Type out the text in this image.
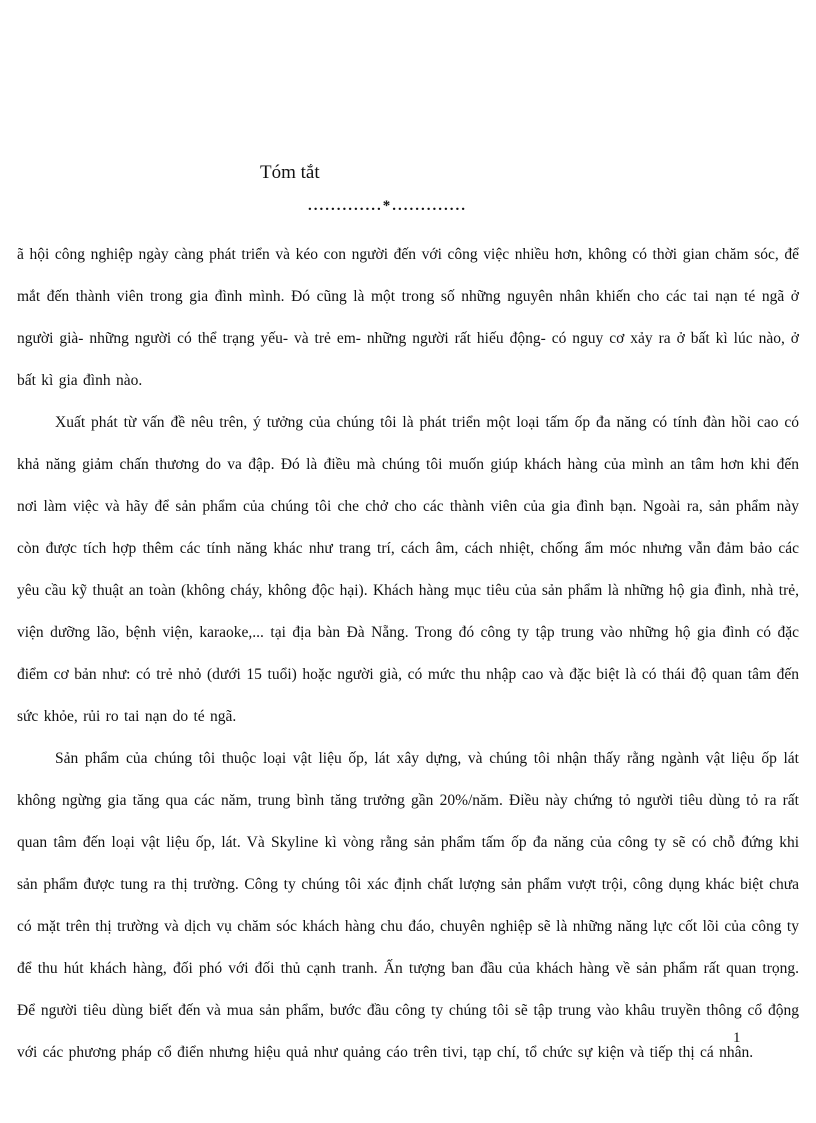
Tóm tắt
.............*.............

ã hội công nghiệp ngày càng phát triển và kéo con người đến với công việc nhiều hơn, không có thời gian chăm sóc, để mắt đến thành viên trong gia đình mình. Đó cũng là một trong số những nguyên nhân khiến cho các tai nạn té ngã ở người già- những người có thể trạng yếu- và trẻ em- những người rất hiếu động- có nguy cơ xảy ra ở bất kì lúc nào, ở bất kì gia đình nào.

Xuất phát từ vấn đề nêu trên, ý tưởng của chúng tôi là phát triển một loại tấm ốp đa năng có tính đàn hồi cao có khả năng giảm chấn thương do va đập. Đó là điều mà chúng tôi muốn giúp khách hàng của mình an tâm hơn khi đến nơi làm việc và hãy để sản phẩm của chúng tôi che chở cho các thành viên của gia đình bạn. Ngoài ra, sản phẩm này còn được tích hợp thêm các tính năng khác như trang trí, cách âm, cách nhiệt, chống ẩm móc nhưng vẫn đảm bảo các yêu cầu kỹ thuật an toàn (không cháy, không độc hại). Khách hàng mục tiêu của sản phẩm là những hộ gia đình, nhà trẻ, viện dưỡng lão, bệnh viện, karaoke,... tại địa bàn Đà Nẵng. Trong đó công ty tập trung vào những hộ gia đình có đặc điểm cơ bản như: có trẻ nhỏ (dưới 15 tuổi) hoặc người già, có mức thu nhập cao và đặc biệt là có thái độ quan tâm đến sức khỏe, rủi ro tai nạn do té ngã.

Sản phẩm của chúng tôi thuộc loại vật liệu ốp, lát xây dựng, và chúng tôi nhận thấy rằng ngành vật liệu ốp lát không ngừng gia tăng qua các năm, trung bình tăng trưởng gần 20%/năm. Điều này chứng tỏ người tiêu dùng tỏ ra rất quan tâm đến loại vật liệu ốp, lát. Và Skyline kì vòng rằng sản phẩm tấm ốp đa năng của công ty sẽ có chỗ đứng khi sản phẩm được tung ra thị trường. Công ty chúng tôi xác định chất lượng sản phẩm vượt trội, công dụng khác biệt chưa có mặt trên thị trường và dịch vụ chăm sóc khách hàng chu đáo, chuyên nghiệp sẽ là những năng lực cốt lõi của công ty để thu hút khách hàng, đối phó với đối thủ cạnh tranh. Ấn tượng ban đầu của khách hàng về sản phẩm rất quan trọng. Để người tiêu dùng biết đến và mua sản phẩm, bước đầu công ty chúng tôi sẽ tập trung vào khâu truyền thông cổ động với các phương pháp cổ điển nhưng hiệu quả như quảng cáo trên tivi, tạp chí, tổ chức sự kiện và tiếp thị cá nhân.

1
